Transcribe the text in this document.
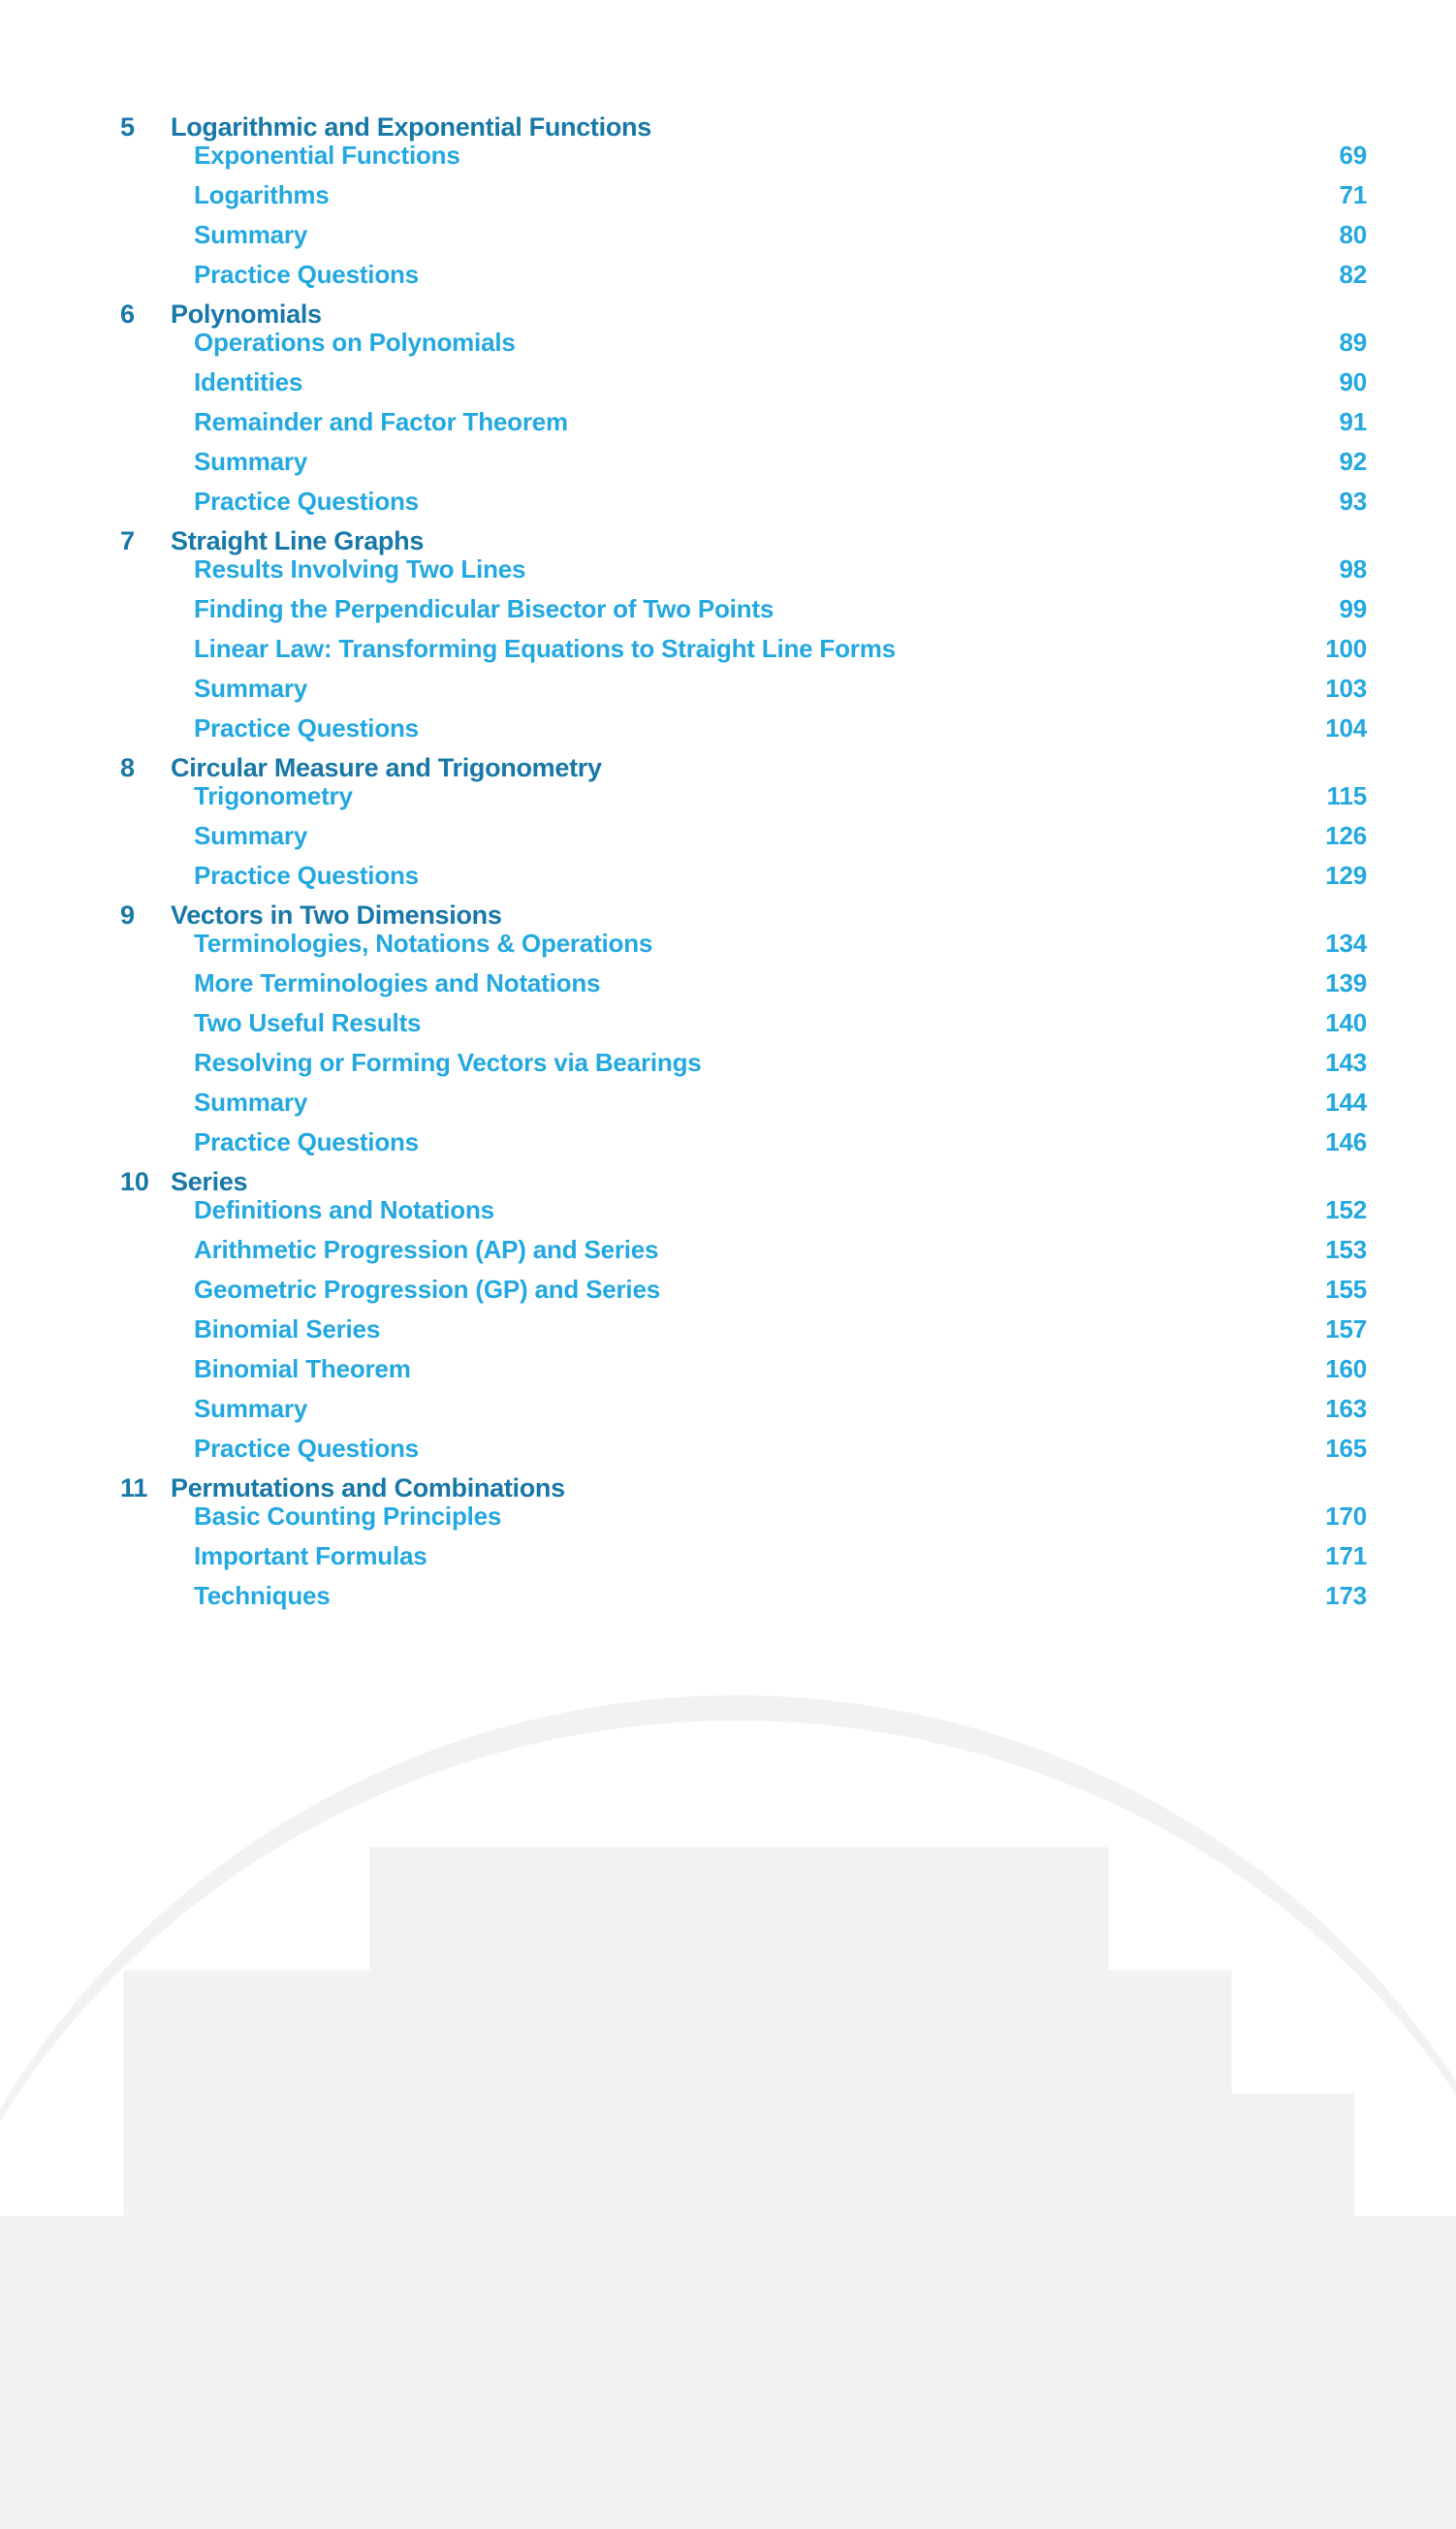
5	Logarithmic and Exponential Functions
Exponential Functions	69
Logarithms	71
Summary	80
Practice Questions	82
6	Polynomials
Operations on Polynomials	89
Identities	90
Remainder and Factor Theorem	91
Summary	92
Practice Questions	93
7	Straight Line Graphs
Results Involving Two Lines	98
Finding the Perpendicular Bisector of Two Points	99
Linear Law: Transforming Equations to Straight Line Forms	100
Summary	103
Practice Questions	104
8	Circular Measure and Trigonometry
Trigonometry	115
Summary	126
Practice Questions	129
9	Vectors in Two Dimensions
Terminologies, Notations & Operations	134
More Terminologies and Notations	139
Two Useful Results	140
Resolving or Forming Vectors via Bearings	143
Summary	144
Practice Questions	146
10 Series
Definitions and Notations	152
Arithmetic Progression (AP) and Series	153
Geometric Progression (GP) and Series	155
Binomial Series	157
Binomial Theorem	160
Summary	163
Practice Questions	165
11 Permutations and Combinations
Basic Counting Principles	170
Important Formulas	171
Techniques	173
